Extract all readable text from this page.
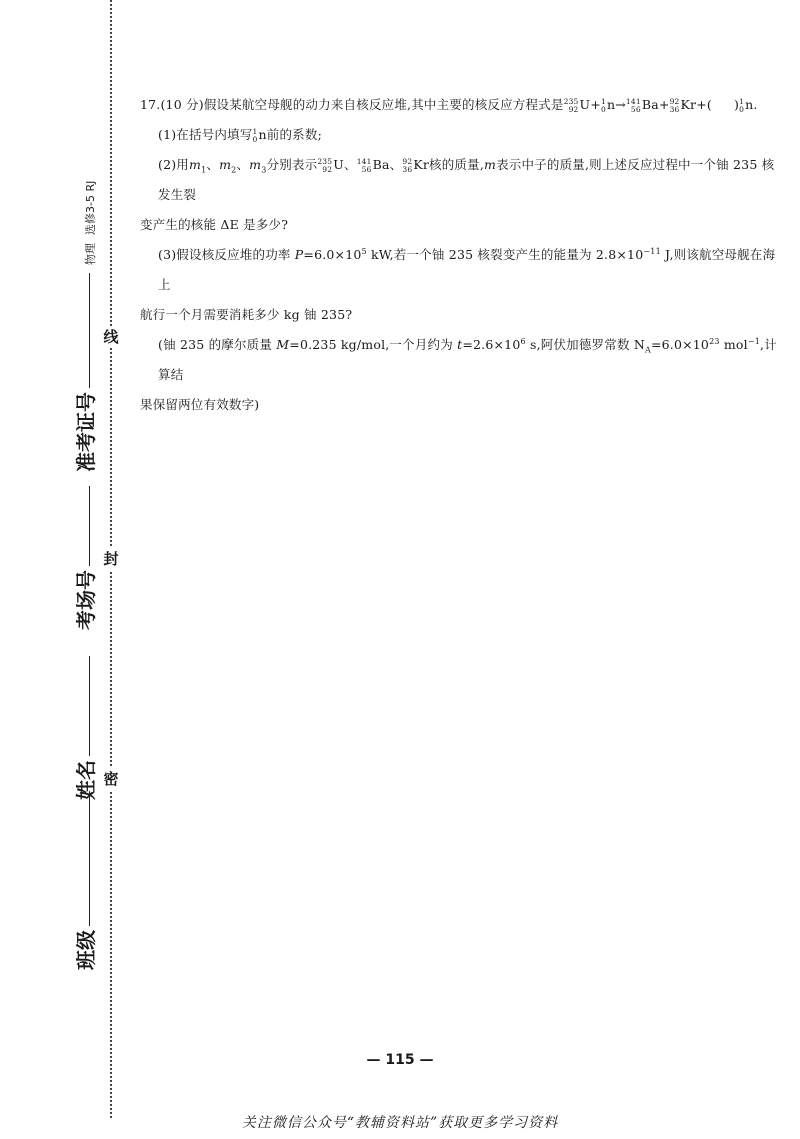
物理选修3-5 RJ
准考证号
考场号
姓名
班级
线
封
密

17.(10 分)假设某航空母舰的动力来自核反应堆,其中主要的核反应方程式是 235
92 U+ 1
0 n→ 141
56 Ba+ 92
36 Kr+( ) 1
0 n.

(1)在括号内填写 1
0 n前的系数;

(2)用$m_1$、$m_2$、$m_3$分别表示 235
92 U、 141
56 Ba、 92
36 Kr核的质量,m表示中子的质量,则上述反应过程中一个铀 235 核发生裂

变产生的核能 ΔE 是多少?

(3)假设核反应堆的功率 $P=6.0\times 10^5$ kW,若一个铀 235 核裂变产生的能量为 $2.8\times 10^{-11}$ J,则该航空母舰在海上

航行一个月需要消耗多少 kg 铀 235?

(铀 235 的摩尔质量 M=0.235 kg/mol,一个月约为 $t=2.6\times 10^6$ s,阿伏加德罗常数 $N_A=6.0\times 10^{23}$ mol$^{-1}$,计算结

果保留两位有效数字)

— 115 —
关注微信公众号“教辅资料站”获取更多学习资料
